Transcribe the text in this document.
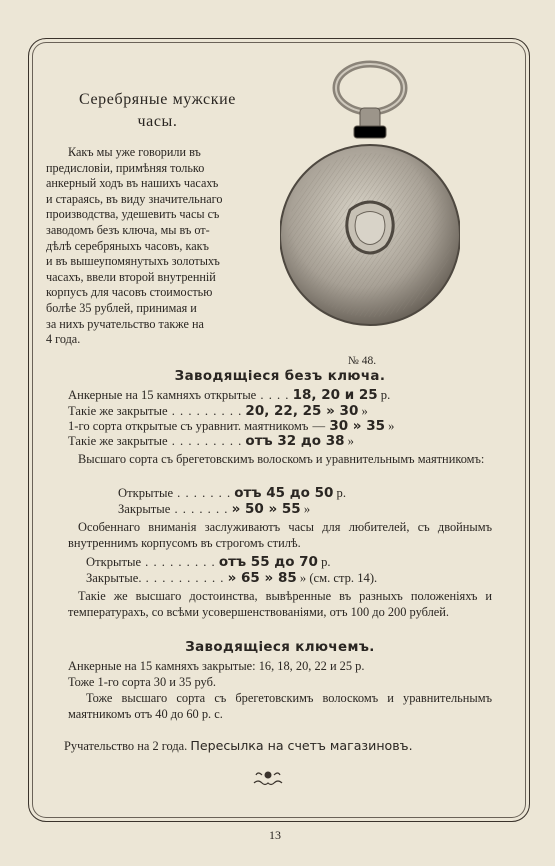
Серебряные мужские
часы.

Какъ мы уже говорили въ

предисловіи, примѣняя только

анкерный ходъ въ нашихъ часахъ

и стараясь, въ виду значительнаго

производства, удешевить часы съ

заводомъ безъ ключа, мы въ от-

дѣлѣ серебряныхъ часовъ, какъ

и въ вышеупомянутыхъ золотыхъ

часахъ, ввели второй внутренній

корпусъ для часовъ стоимостью

болѣе 35 рублей, принимая и

за нихъ ручательство также на

4 года.

№ 48.
Заводящіеся безъ ключа.
Анкерные на 15 камняхъ открытые . . . . 18, 20 и 25 р.
Такіе же закрытые . . . . . . . . . 20, 22, 25 » 30 »
1-го сорта открытые съ уравнит. маятникомъ — 30 » 35 »
Такіе же закрытые . . . . . . . . . отъ 32 до 38 »
Высшаго сорта съ брегетовскимъ волоскомъ и уравнительнымъ маятникомъ:
Открытые . . . . . . . отъ 45 до 50 р.
Закрытые . . . . . . . » 50 » 55 »
Особеннаго вниманія заслуживаютъ часы для любителей, съ двойнымъ внутреннимъ корпусомъ въ строгомъ стилѣ.
Открытые . . . . . . . . . отъ 55 до 70 р.
Закрытые. . . . . . . . . . . » 65 » 85 » (см. стр. 14).
Такіе же высшаго достоинства, вывѣренные въ разныхъ положеніяхъ и температурахъ, со всѣми усовершенствованіями, отъ 100 до 200 рублей.
Заводящіеся ключемъ.
Анкерные на 15 камняхъ закрытые: 16, 18, 20, 22 и 25 р.
Тоже 1-го сорта 30 и 35 руб.
Тоже высшаго сорта съ брегетовскимъ волоскомъ и уравнительнымъ маятникомъ отъ 40 до 60 р. с.
Ручательство на 2 года. Пересылка на счетъ магазиновъ.
13
